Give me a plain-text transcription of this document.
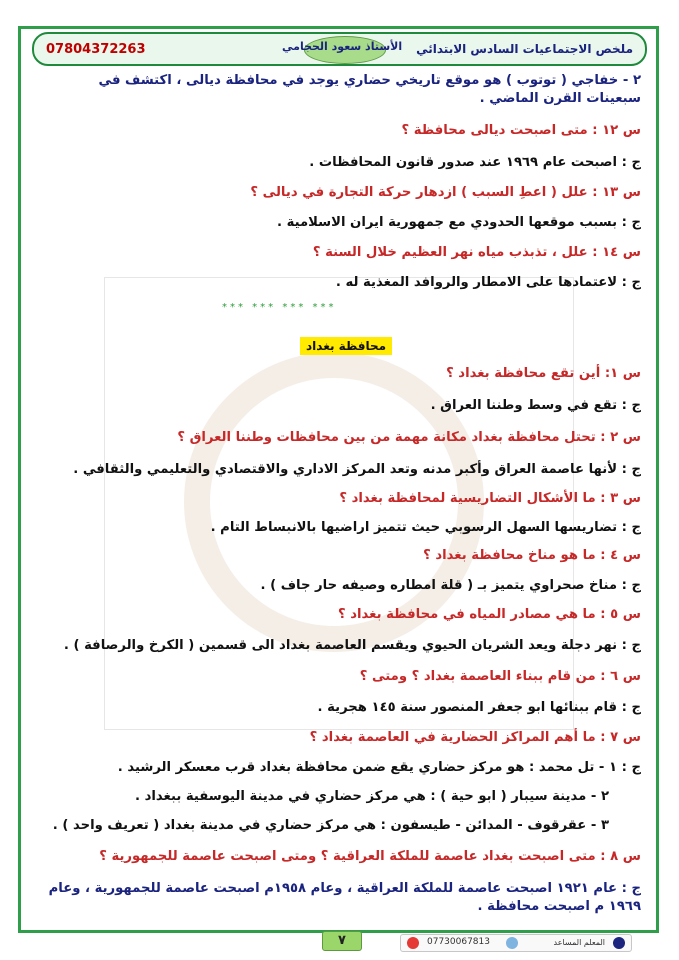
07804372263	الأستاذ سعود الحجامي ملخص الاجتماعيات السادس الابتدائي
٢ - خفاجي ( توتوب ) هو موقع تاريخي حضاري يوجد في محافظة ديالى ، اكتشف في سبعينات القرن الماضي .
س ١٢ : متى اصبحت ديالى محافظة ؟
ج : اصبحت عام ١٩٦٩ عند صدور قانون المحافظات .
س ١٣ : علل ( اعطِ السبب ) ازدهار حركة التجارة في ديالى ؟
ج : بسبب موقعها الحدودي مع جمهورية ايران الاسلامية .
س ١٤ : علل ، تذبذب مياه نهر العظيم خلال السنة ؟
ج : لاعتمادها على الامطار والروافد المغذية له .
*** *** *** ***
محافظة بغداد
س ١: أين تقع محافظة بغداد ؟
ج : تقع في وسط وطننا العراق .
س ٢ : تحتل محافظة بغداد مكانة مهمة من بين محافظات وطننا العراق ؟
ج : لأنها عاصمة العراق وأكبر مدنه وتعد المركز الاداري والاقتصادي والتعليمي والثقافي .
س ٣ : ما الأشكال التضاريسية لمحافظة بغداد ؟
ج : تضاريسها السهل الرسوبي حيث تتميز اراضيها بالانبساط التام .
س ٤ : ما هو مناخ محافظة بغداد ؟
ج : مناخ صحراوي يتميز بـ ( قلة امطاره وصيفه حار جاف ) .
س ٥ : ما هي مصادر المياه في محافظة بغداد ؟
ج : نهر دجلة ويعد الشريان الحيوي ويقسم العاصمة بغداد الى قسمين ( الكرخ والرصافة ) .
س ٦ : من قام ببناء العاصمة بغداد ؟ ومتى ؟
ج : قام ببنائها ابو جعفر المنصور سنة ١٤٥ هجرية .
س ٧ : ما أهم المراكز الحضارية في العاصمة بغداد ؟
ج : ١ - تل محمد : هو مركز حضاري يقع ضمن محافظة بغداد قرب معسكر الرشيد .
٢ - مدينة سيبار ( ابو حية ) : هي مركز حضاري في مدينة اليوسفية ببغداد .
٣ - عقرقوف - المدائن - طيسفون : هي مركز حضاري في مدينة بغداد ( تعريف واحد ) .
س ٨ : متى اصبحت بغداد عاصمة للملكة العراقية ؟ ومتى اصبحت عاصمة للجمهورية ؟
ج : عام ١٩٢١ اصبحت عاصمة للملكة العراقية ، وعام ١٩٥٨م اصبحت عاصمة للجمهورية ، وعام ١٩٦٩ م اصبحت محافظة .
٧	07730067813	المعلم المساعد
